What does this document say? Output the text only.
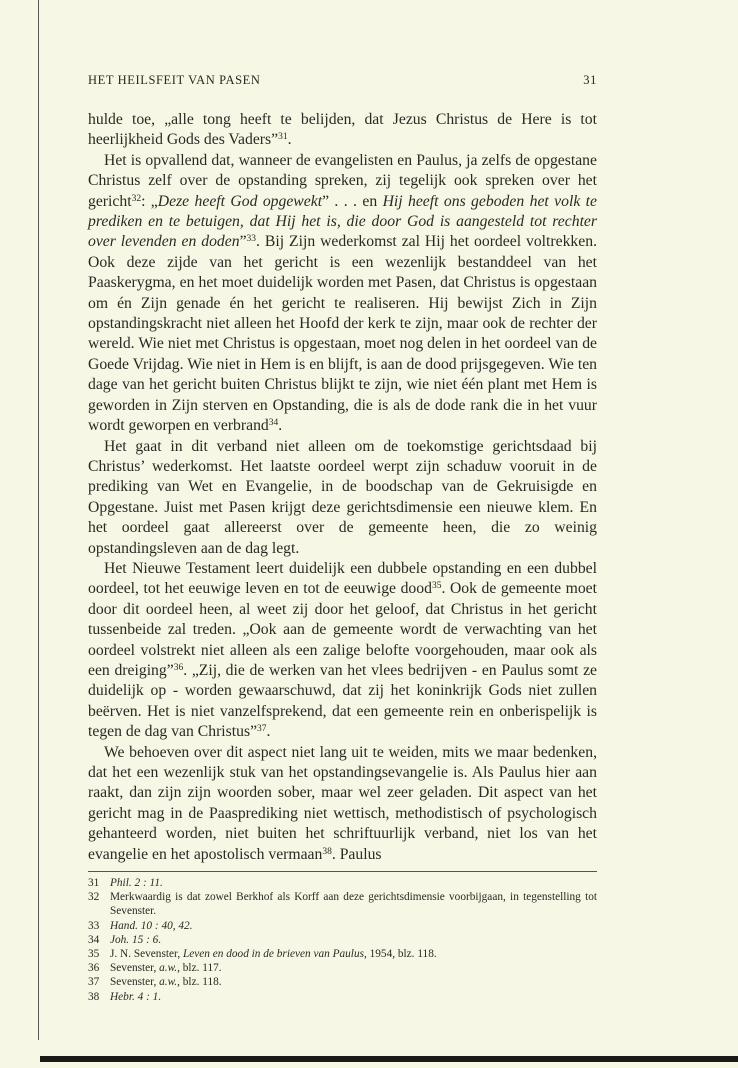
HET HEILSFEIT VAN PASEN	31

hulde toe, „alle tong heeft te belijden, dat Jezus Christus de Here is tot heerlijkheid Gods des Vaders”$^{31}$.

Het is opvallend dat, wanneer de evangelisten en Paulus, ja zelfs de opgestane Christus zelf over de opstanding spreken, zij tegelijk ook spreken over het gericht$^{32}$: „Deze heeft God opgewekt” . . . en Hij heeft ons geboden het volk te prediken en te betuigen, dat Hij het is, die door God is aangesteld tot rechter over levenden en doden”$^{33}$. Bij Zijn wederkomst zal Hij het oordeel voltrekken. Ook deze zijde van het gericht is een wezenlijk bestanddeel van het Paaskerygma, en het moet duidelijk worden met Pasen, dat Christus is opgestaan om én Zijn genade én het gericht te realiseren. Hij bewijst Zich in Zijn opstandingskracht niet alleen het Hoofd der kerk te zijn, maar ook de rechter der wereld. Wie niet met Christus is opgestaan, moet nog delen in het oordeel van de Goede Vrijdag. Wie niet in Hem is en blijft, is aan de dood prijsgegeven. Wie ten dage van het gericht buiten Christus blijkt te zijn, wie niet één plant met Hem is geworden in Zijn sterven en Opstanding, die is als de dode rank die in het vuur wordt geworpen en verbrand$^{34}$.

Het gaat in dit verband niet alleen om de toekomstige gerichtsdaad bij Christus’ wederkomst. Het laatste oordeel werpt zijn schaduw vooruit in de prediking van Wet en Evangelie, in de boodschap van de Gekruisigde en Opgestane. Juist met Pasen krijgt deze gerichtsdimensie een nieuwe klem. En het oordeel gaat allereerst over de gemeente heen, die zo weinig opstandingsleven aan de dag legt.

Het Nieuwe Testament leert duidelijk een dubbele opstanding en een dubbel oordeel, tot het eeuwige leven en tot de eeuwige dood$^{35}$. Ook de gemeente moet door dit oordeel heen, al weet zij door het geloof, dat Christus in het gericht tussenbeide zal treden. „Ook aan de gemeente wordt de verwachting van het oordeel volstrekt niet alleen als een zalige belofte voorgehouden, maar ook als een dreiging”$^{36}$. „Zij, die de werken van het vlees bedrijven - en Paulus somt ze duidelijk op - worden gewaarschuwd, dat zij het koninkrijk Gods niet zullen beërven. Het is niet vanzelfsprekend, dat een gemeente rein en onberispelijk is tegen de dag van Christus”$^{37}$.

We behoeven over dit aspect niet lang uit te weiden, mits we maar bedenken, dat het een wezenlijk stuk van het opstandingsevangelie is. Als Paulus hier aan raakt, dan zijn zijn woorden sober, maar wel zeer geladen. Dit aspect van het gericht mag in de Paasprediking niet wettisch, methodistisch of psychologisch gehanteerd worden, niet buiten het schriftuurlijk verband, niet los van het evangelie en het apostolisch vermaan$^{38}$. Paulus

31 Phil. 2 : 11.
32 Merkwaardig is dat zowel Berkhof als Korff aan deze gerichtsdimensie voorbijgaan, in tegenstelling tot Sevenster.
33 Hand. 10 : 40, 42.
34 Joh. 15 : 6.
35 J. N. Sevenster, Leven en dood in de brieven van Paulus, 1954, blz. 118.
36 Sevenster, a.w., blz. 117.
37 Sevenster, a.w., blz. 118.
38 Hebr. 4 : 1.
